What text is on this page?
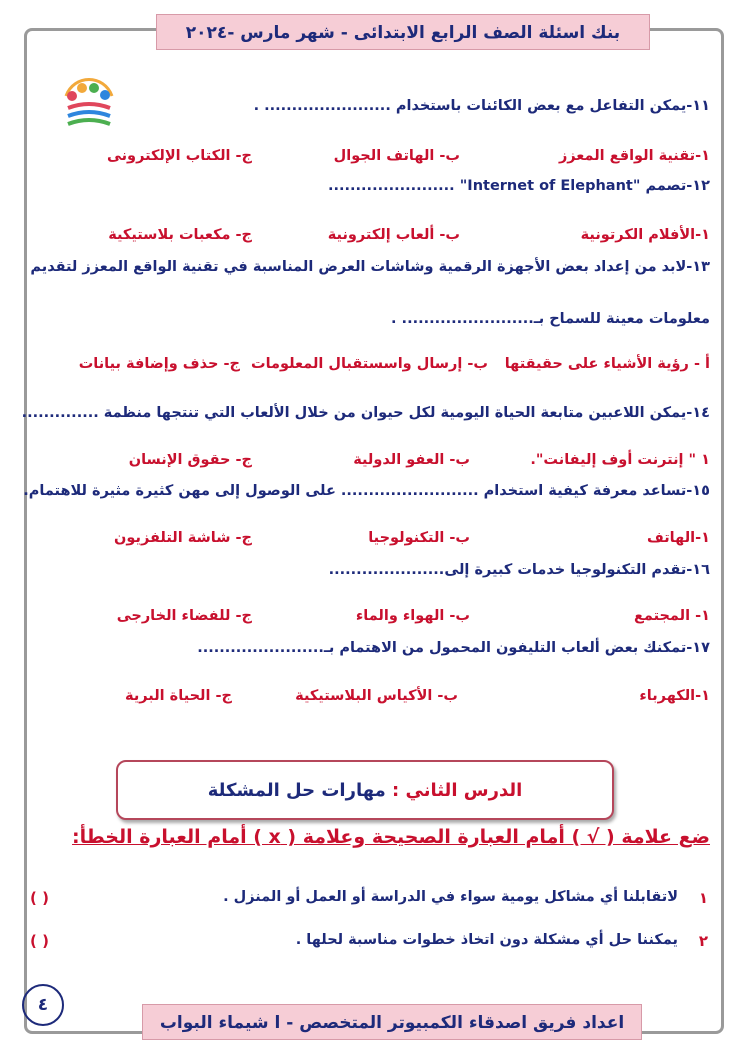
بنك اسئلة الصف الرابع الابتدائى - شهر مارس -٢٠٢٤
١١-يمكن التفاعل مع بعض الكائنات باستخدام ....................... .
١-تقنية الواقع المعزز
ب- الهاتف الجوال
ج- الكتاب الإلكترونى
١٢-تصمم "Internet of Elephant" .......................
١-الأفلام الكرتونية
ب- ألعاب إلكترونية
ج- مكعبات بلاستيكية
١٣-لابد من إعداد بعض الأجهزة الرقمية وشاشات العرض المناسبة في تقنية الواقع المعزز لتقديم
معلومات معينة للسماح بـ........................ .
أ - رؤية الأشياء على حقيقتها
ب- إرسال واسستقبال المعلومات
ج- حذف وإضافة بيانات
١٤-يمكن اللاعبين متابعة الحياة اليومية لكل حيوان من خلال الألعاب التي تنتجها منظمة ..............
١ " إنترنت أوف إليفانت".
ب- العفو الدولية
ج- حقوق الإنسان
١٥-تساعد معرفة كيفية استخدام ......................... على الوصول إلى مهن كثيرة مثيرة للاهتمام.
١-الهاتف
ب- التكنولوجيا
ج- شاشة التلفزيون
١٦-تقدم التكنولوجيا خدمات كبيرة إلى.....................
١- المجتمع
ب- الهواء والماء
ج- للفضاء الخارجى
١٧-تمكنك بعض ألعاب التليفون المحمول من الاهتمام بـ.......................
١-الكهرباء
ب- الأكياس البلاستيكية
ج- الحياة البرية
الدرس الثاني : مهارات حل المشكلة
ضع علامة ( √ ) أمام العبارة الصحيحة وعلامة ( x ) أمام العبارة الخطأ:
١
لاتقابلنا أي مشاكل يومية سواء في الدراسة أو العمل أو المنزل .
( )
٢
يمكننا حل أي مشكلة دون اتخاذ خطوات مناسبة لحلها .
( )
٤
اعداد فريق اصدقاء الكمبيوتر المتخصص - ا شيماء البواب
